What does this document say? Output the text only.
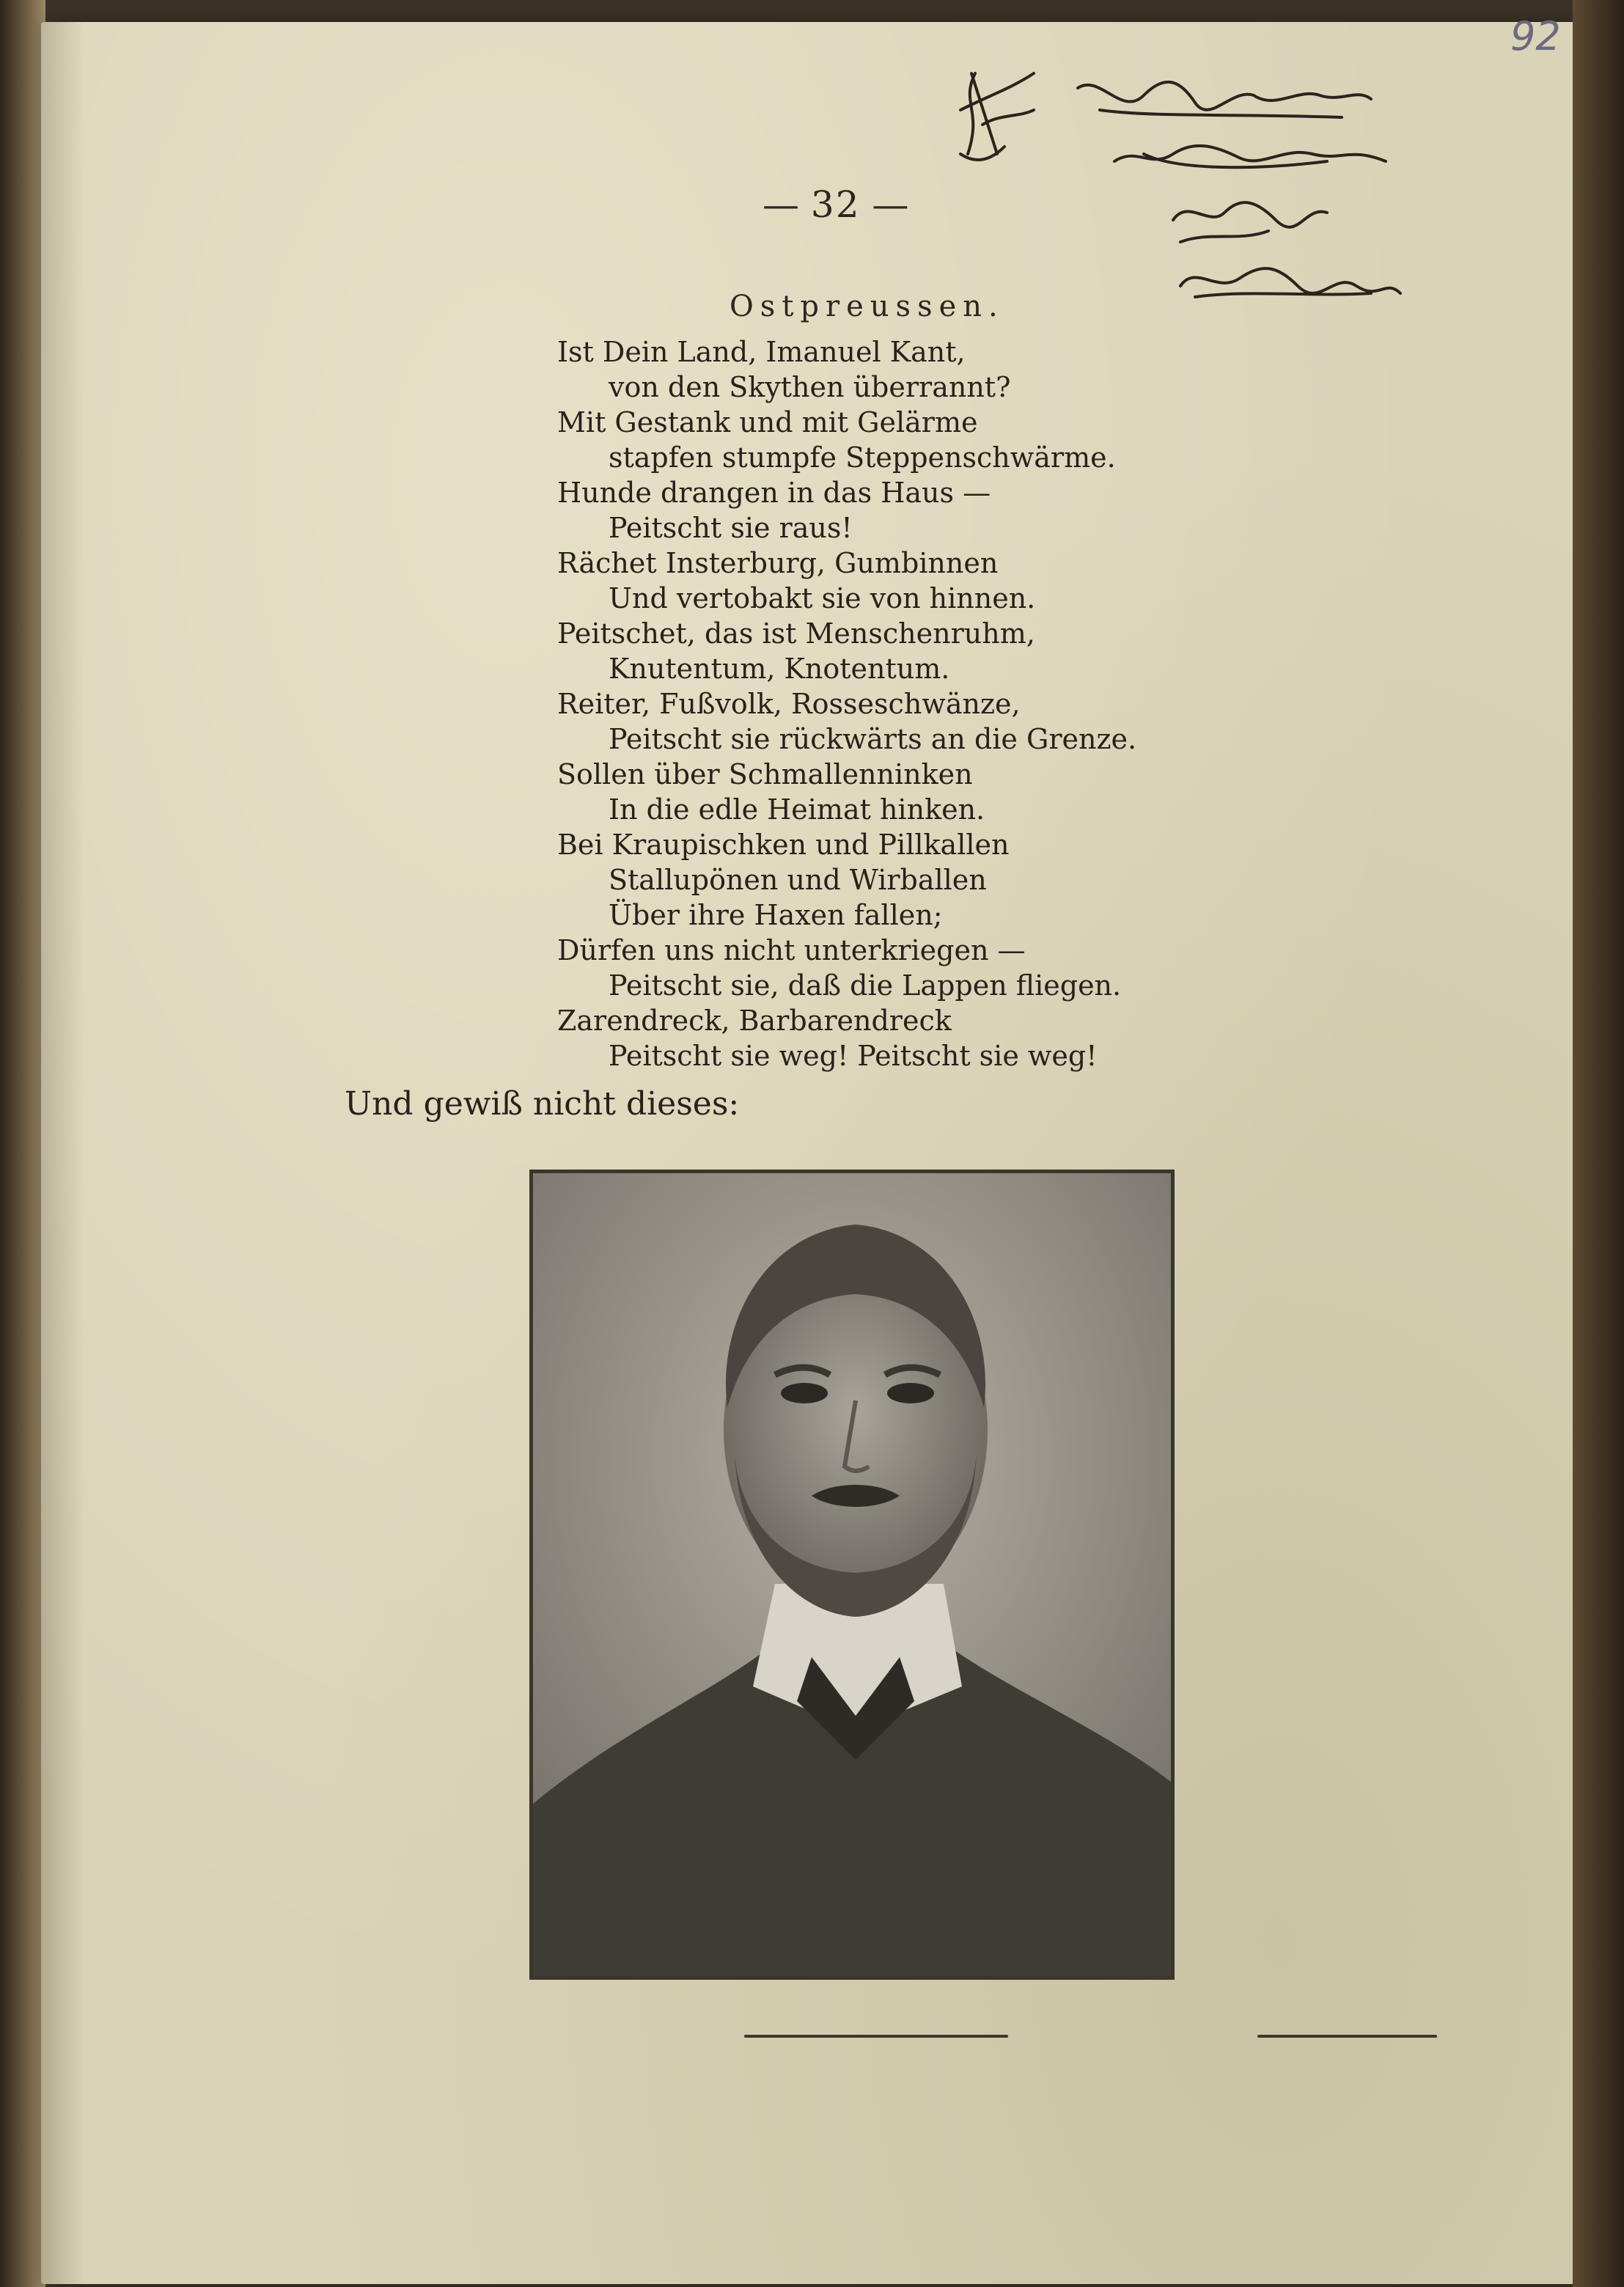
92
— 32 —
Ostpreussen.
Ist Dein Land, Imanuel Kant,
von den Skythen überrannt?
Mit Gestank und mit Gelärme
stapfen stumpfe Steppenschwärme.
Hunde drangen in das Haus —
Peitscht sie raus!
Rächet Insterburg, Gumbinnen
Und vertobakt sie von hinnen.
Peitschet, das ist Menschenruhm,
Knutentum, Knotentum.
Reiter, Fußvolk, Rosseschwänze,
Peitscht sie rückwärts an die Grenze.
Sollen über Schmallenninken
In die edle Heimat hinken.
Bei Kraupischken und Pillkallen
Stallupönen und Wirballen
Über ihre Haxen fallen;
Dürfen uns nicht unterkriegen —
Peitscht sie, daß die Lappen fliegen.
Zarendreck, Barbarendreck
Peitscht sie weg! Peitscht sie weg!
Und gewiß nicht dieses:
